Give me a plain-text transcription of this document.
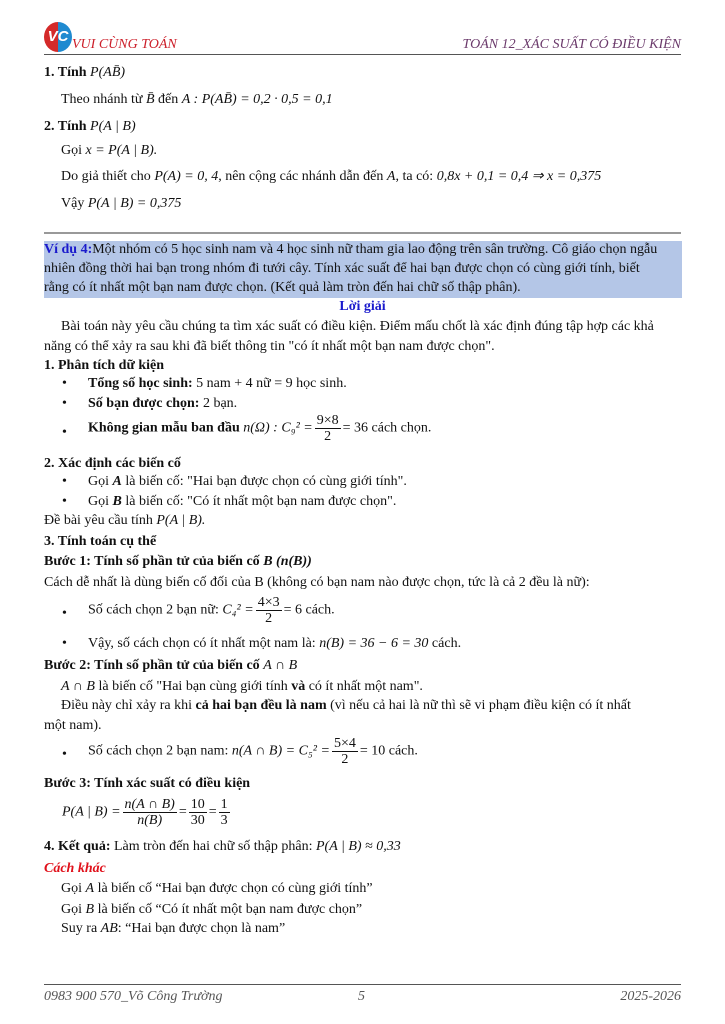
VC VUI CÙNG TOÁN	TOÁN 12_XÁC SUẤT CÓ ĐIỀU KIỆN
1. Tính P(AB̄)
Theo nhánh từ B̄ đến A : P(AB̄) = 0,2 · 0,5 = 0,1
2. Tính P(A | B)
Gọi x = P(A | B).
Do giả thiết cho P(A) = 0, 4, nên cộng các nhánh dẫn đến A, ta có: 0,8x + 0,1 = 0,4 ⇒ x = 0,375
Vậy P(A | B) = 0,375
Ví dụ 4:Một nhóm có 5 học sinh nam và 4 học sinh nữ tham gia lao động trên sân trường. Cô giáo chọn ngẫu
nhiên đồng thời hai bạn trong nhóm đi tưới cây. Tính xác suất để hai bạn được chọn có cùng giới tính, biết
rằng có ít nhất một bạn nam được chọn. (Kết quả làm tròn đến hai chữ số thập phân).
Lời giải
Bài toán này yêu cầu chúng ta tìm xác suất có điều kiện. Điểm mấu chốt là xác định đúng tập hợp các khả
năng có thể xảy ra sau khi đã biết thông tin "có ít nhất một bạn nam được chọn".
1. Phân tích dữ kiện
• Tổng số học sinh: 5 nam + 4 nữ = 9 học sinh.
• Số bạn được chọn: 2 bạn.
• Không gian mẫu ban đầu n(Ω) : $C_9^2 = \frac{9\times 8}{2} = 36$ cách chọn.
2. Xác định các biến cố
• Gọi A là biến cố: "Hai bạn được chọn có cùng giới tính".
• Gọi B là biến cố: "Có ít nhất một bạn nam được chọn".
Đề bài yêu cầu tính P(A | B).
3. Tính toán cụ thể
Bước 1: Tính số phần tử của biến cố B (n(B))
Cách dễ nhất là dùng biến cố đối của B (không có bạn nam nào được chọn, tức là cả 2 đều là nữ):
• Số cách chọn 2 bạn nữ: $C_4^2 = \frac{4\times 3}{2} = 6$ cách.
• Vậy, số cách chọn có ít nhất một nam là: n(B) = 36 − 6 = 30 cách.
Bước 2: Tính số phần tử của biến cố A ∩ B
A ∩ B là biến cố "Hai bạn cùng giới tính và có ít nhất một nam".
Điều này chỉ xảy ra khi cả hai bạn đều là nam (vì nếu cả hai là nữ thì sẽ vi phạm điều kiện có ít nhất
một nam).
• Số cách chọn 2 bạn nam: n(A ∩ $B) = C_5^2 = \frac{5\times 4}{2} = 10$ cách.
Bước 3: Tính xác suất có điều kiện
P(A | $B) = \frac{n(A \cap B)}{n(B)} = \frac{10}{30} = \frac{1}{3}$
4. Kết quả: Làm tròn đến hai chữ số thập phân: P(A | B) ≈ 0,33
Cách khác
Gọi A là biến cố “Hai bạn được chọn có cùng giới tính”
Gọi B là biến cố “Có ít nhất một bạn nam được chọn”
Suy ra AB: “Hai bạn được chọn là nam”
0983 900 570_Võ Công Trường	5	2025-2026
